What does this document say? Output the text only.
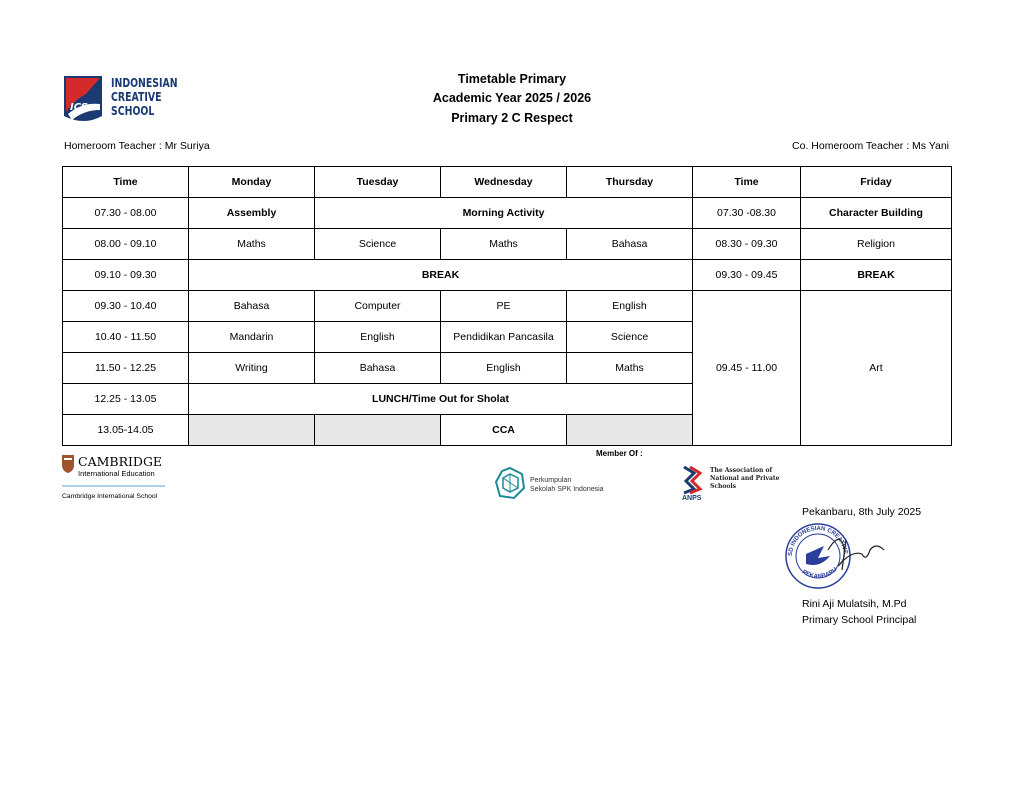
ICS
INDONESIAN
CREATIVE
SCHOOL
Timetable Primary
Academic Year 2025 / 2026
Primary 2 C Respect
Homeroom Teacher : Mr Suriya	Co. Homeroom Teacher : Ms Yani
Time	Monday	Tuesday	Wednesday	Thursday	Time	Friday
07.30 - 08.00	Assembly	Morning Activity			07.30 -08.30	Character Building
08.00 - 09.10	Maths	Science	Maths	Bahasa	08.30 - 09.30	Religion
09.10 - 09.30	BREAK				09.30 - 09.45	BREAK
09.30 - 10.40	Bahasa	Computer	PE	English	09.45 - 11.00	Art
10.40 - 11.50	Mandarin	English	Pendidikan Pancasila	Science		
11.50 - 12.25	Writing	Bahasa	English	Maths		
12.25 - 13.05	LUNCH/Time Out for Sholat					
13.05-14.05			CCA			
CAMBRIDGE
International Education
Cambridge International School
Member Of :
Perkumpulan
Sekolah SPK Indonesia
The Association of
National and Private
Schools
ANPS
Pekanbaru, 8th July 2025
SD INDONESIAN CREATIVE
PEKANBARU
Rini Aji Mulatsih, M.Pd
Primary School Principal
